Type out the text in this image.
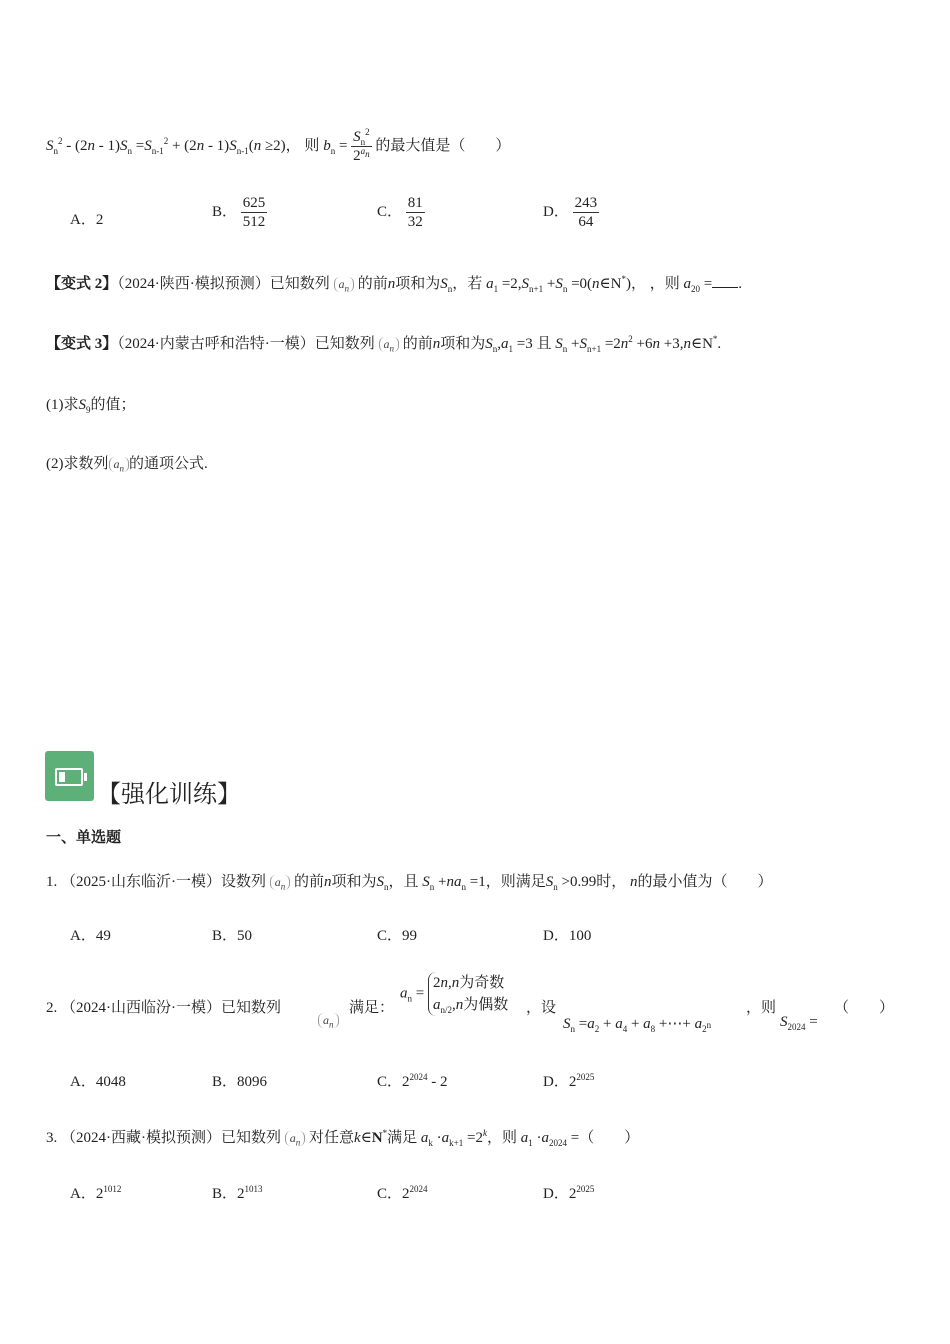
$S_n^2 - (2n - 1)S_n =S_{n-1}^2 + (2n - 1)S_{n-1}(n \ge 2)$， 则 $b_n = \frac{S_n^2}{2^{a_n}}$ 的最大值是（　　）
A．2
B． $\frac{625}{512}$	C． $\frac{81}{32}$	D． $\frac{243}{64}$
【变式 2】（2024·陕西·模拟预测）已知数列 $a_n$ 的前n项和为$S_n$，若 $a_1 =2,S_{n+1} +S_n$ =0(n∈N*)， ，则 $a_{20}$ = .
【变式 3】（2024·内蒙古呼和浩特·一模）已知数列 $a_n$ 的前n项和为$S_n,a_1 =3$ 且 $S_n +S_{n+1} =2n^2 +6n$ +3,n∈N*.
(1)求$S_9$的值；
(2)求数列 $a_n$ 的通项公式.
【强化训练】
一、单选题
1. （2025·山东临沂·一模）设数列 $a_n$ 的前n项和为$S_n$，且 $S_n +na_n =1$，则满足$S_n >0.99$时， n的最小值为（　　）
A．49	B．50	C．99	D．100
2. （2024·山西临汾·一模）已知数列
$a_n$
满足：
$a_n$ =
2n,n为奇数
$a_{n/2},n$为偶数 ，设
$S_n =a_2 + a_4 + a_8$ +⋯+ $a_{2^n}$
，则
$S_{2024}$ =
（　　）
A．4048	B．8096	C．$2^{2024} - 2$	D．$2^{2025}$
3. （2024·西藏·模拟预测）已知数列 $a_n$ 对任意k∈N*满足 $a_k \cdot a_{k+1} =2^k$，则 $a_1 \cdot a_{2024}$ =（　　）
A．$2^{1012}$	B．$2^{1013}$	C．$2^{2024}$	D．$2^{2025}$
